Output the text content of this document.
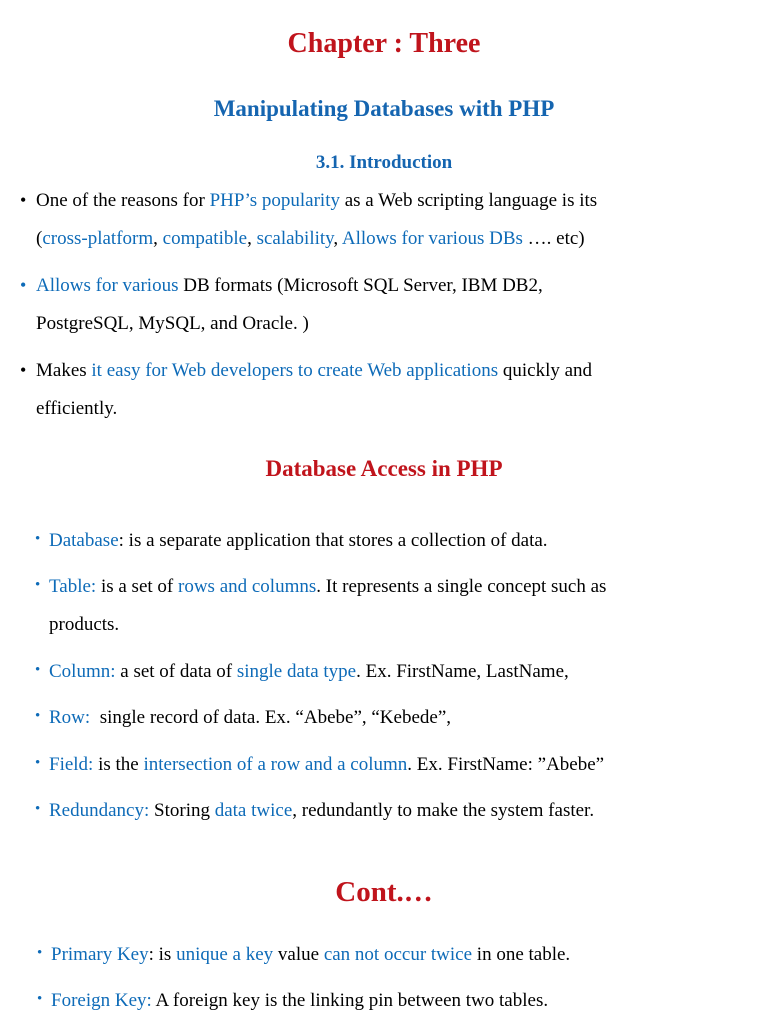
Chapter : Three
Manipulating Databases with PHP
3.1. Introduction
• One of the reasons for PHP’s popularity as a Web scripting language is its
(cross-platform, compatible, scalability, Allows for various DBs …. etc)
• Allows for various DB formats (Microsoft SQL Server, IBM DB2,
PostgreSQL, MySQL, and Oracle. )
• Makes it easy for Web developers to create Web applications quickly and
efficiently.
Database Access in PHP
• Database: is a separate application that stores a collection of data.
• Table: is a set of rows and columns. It represents a single concept such as
products.
• Column: a set of data of single data type. Ex. FirstName, LastName,
• Row:  single record of data. Ex. “Abebe”, “Kebede”,
• Field: is the intersection of a row and a column. Ex. FirstName: ”Abebe”
• Redundancy: Storing data twice, redundantly to make the system faster.
Cont.…
• Primary Key: is unique a key value can not occur twice in one table.
• Foreign Key: A foreign key is the linking pin between two tables.
